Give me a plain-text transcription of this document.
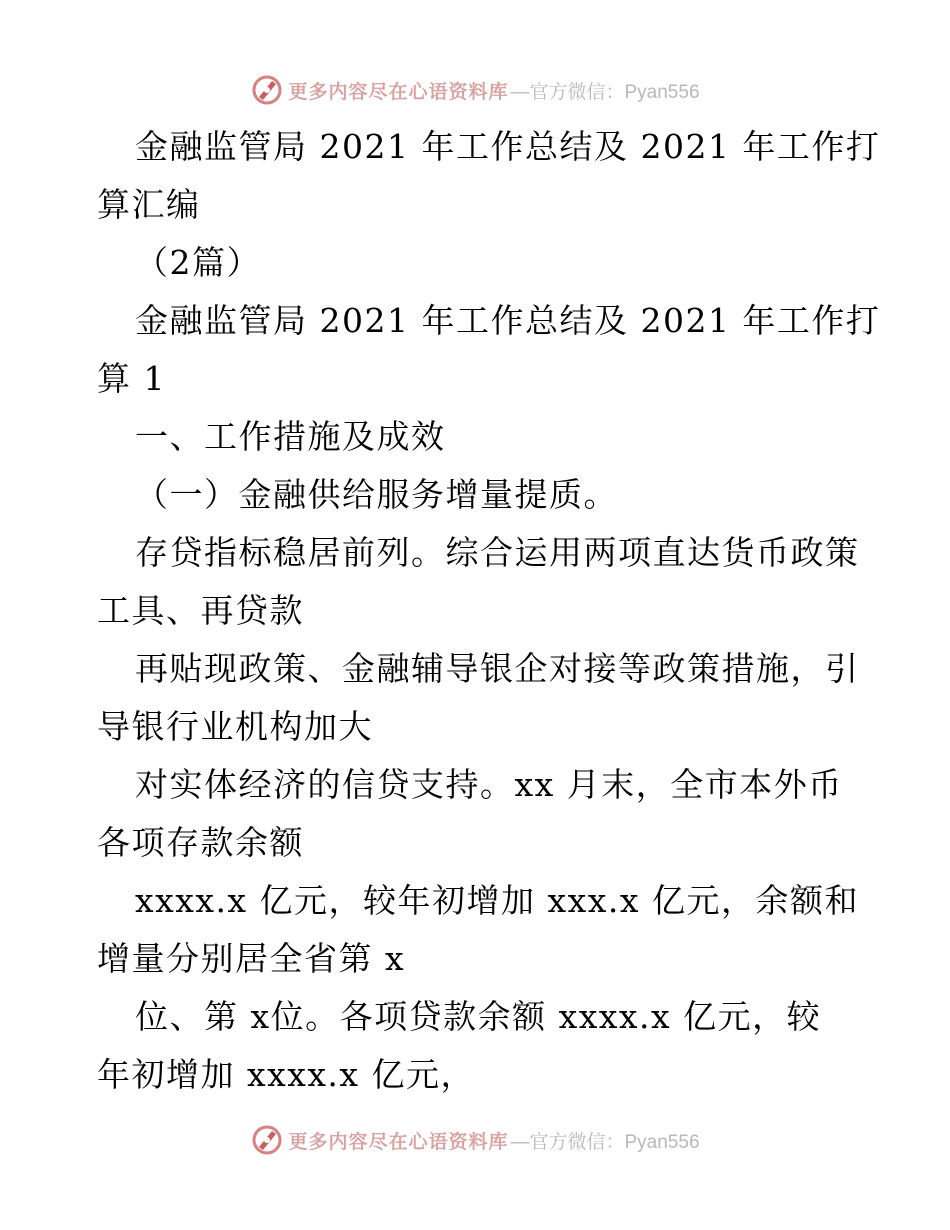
更多内容尽在心语资料库 —官方微信：Pyan556
金融监管局 2021 年工作总结及 2021 年工作打
算汇编
（2篇）
金融监管局 2021 年工作总结及 2021 年工作打
算 1
一、工作措施及成效
（一）金融供给服务增量提质。
存贷指标稳居前列。综合运用两项直达货币政策
工具、再贷款
再贴现政策、金融辅导银企对接等政策措施，引
导银行业机构加大
对实体经济的信贷支持。xx 月末，全市本外币
各项存款余额
xxxx.x 亿元，较年初增加 xxx.x 亿元，余额和
增量分别居全省第 x
位、第 x位。各项贷款余额 xxxx.x 亿元，较
年初增加 xxxx.x 亿元，
更多内容尽在心语资料库 —官方微信：Pyan556
